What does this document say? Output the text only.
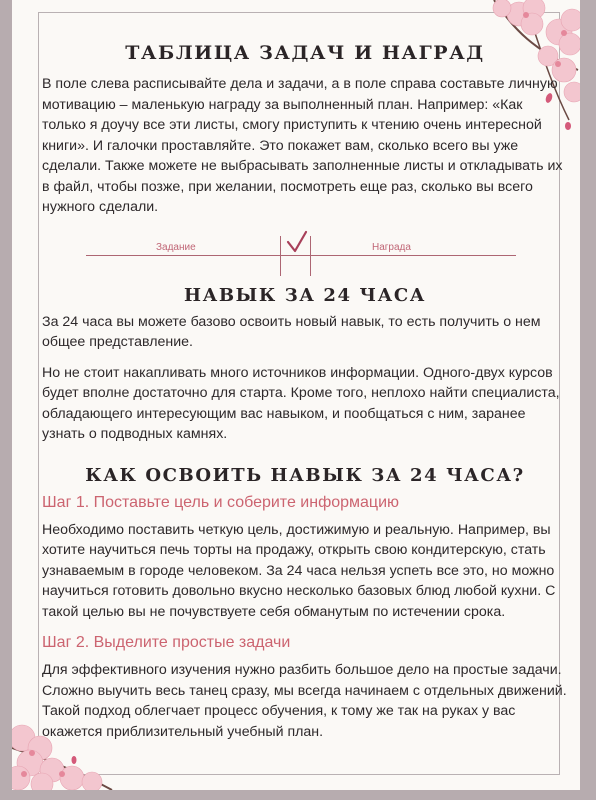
ТАБЛИЦА ЗАДАЧ И НАГРАД

В поле слева расписывайте дела и задачи, а в поле справа составьте личную мотивацию – маленькую награду за выполненный план. Например: «Как только я доучу все эти листы, смогу приступить к чтению очень интересной книги». И галочки проставляйте. Это покажет вам, сколько всего вы уже сделали. Также можете не выбрасывать заполненные листы и откладывать их в файл, чтобы позже, при желании, посмотреть еще раз, сколько вы всего нужного сделали.

Задание	Награда
НАВЫК ЗА 24 ЧАСА

За 24 часа вы можете базово освоить новый навык, то есть получить о нем общее представление.

Но не стоит накапливать много источников информации. Одного-двух курсов будет вполне достаточно для старта. Кроме того, неплохо найти специалиста, обладающего интересующим вас навыком, и пообщаться с ним, заранее узнать о подводных камнях.

КАК ОСВОИТЬ НАВЫК ЗА 24 ЧАСА?
Шаг 1. Поставьте цель и соберите информацию

Необходимо поставить четкую цель, достижимую и реальную. Например, вы хотите научиться печь торты на продажу, открыть свою кондитерскую, стать узнаваемым в городе человеком. За 24 часа нельзя успеть все это, но можно научиться готовить довольно вкусно несколько базовых блюд любой кухни. С такой целью вы не почувствуете себя обманутым по истечении срока.

Шаг 2. Выделите простые задачи

Для эффективного изучения нужно разбить большое дело на простые задачи. Сложно выучить весь танец сразу, мы всегда начинаем с отдельных движений. Такой подход облегчает процесс обучения, к тому же так на руках у вас окажется приблизительный учебный план.
